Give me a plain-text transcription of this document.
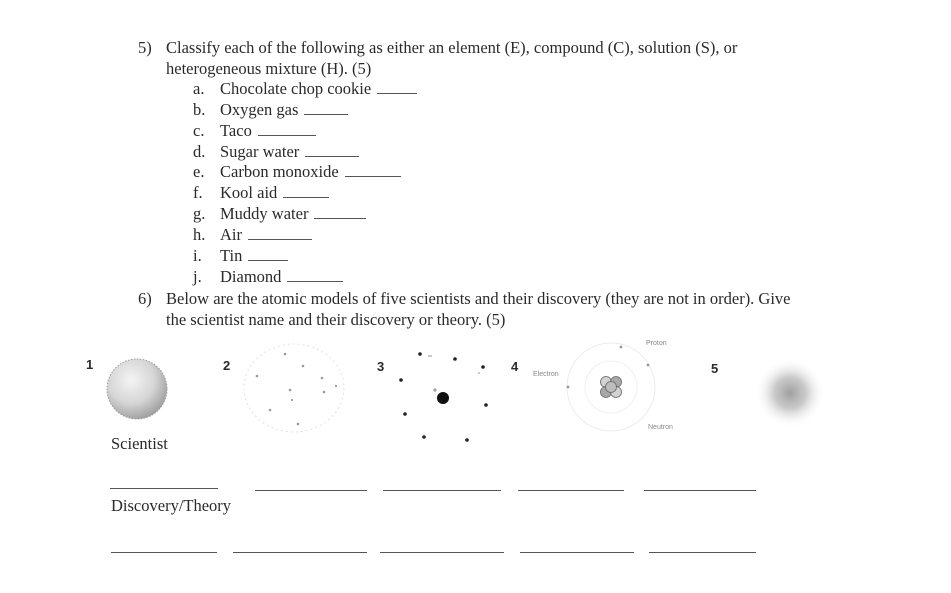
5) Classify each of the following as either an element (E), compound (C), solution (S), or heterogeneous mixture (H). (5)
a. Chocolate chop cookie
b. Oxygen gas
c. Taco
d. Sugar water
e. Carbon monoxide
f. Kool aid
g. Muddy water
h. Air
i. Tin
j. Diamond
6) Below are the atomic models of five scientists and their discovery (they are not in order). Give the scientist name and their discovery or theory. (5)
1	2	3	4	5
Proton
Electron
Neutron
Scientist
Discovery/Theory
